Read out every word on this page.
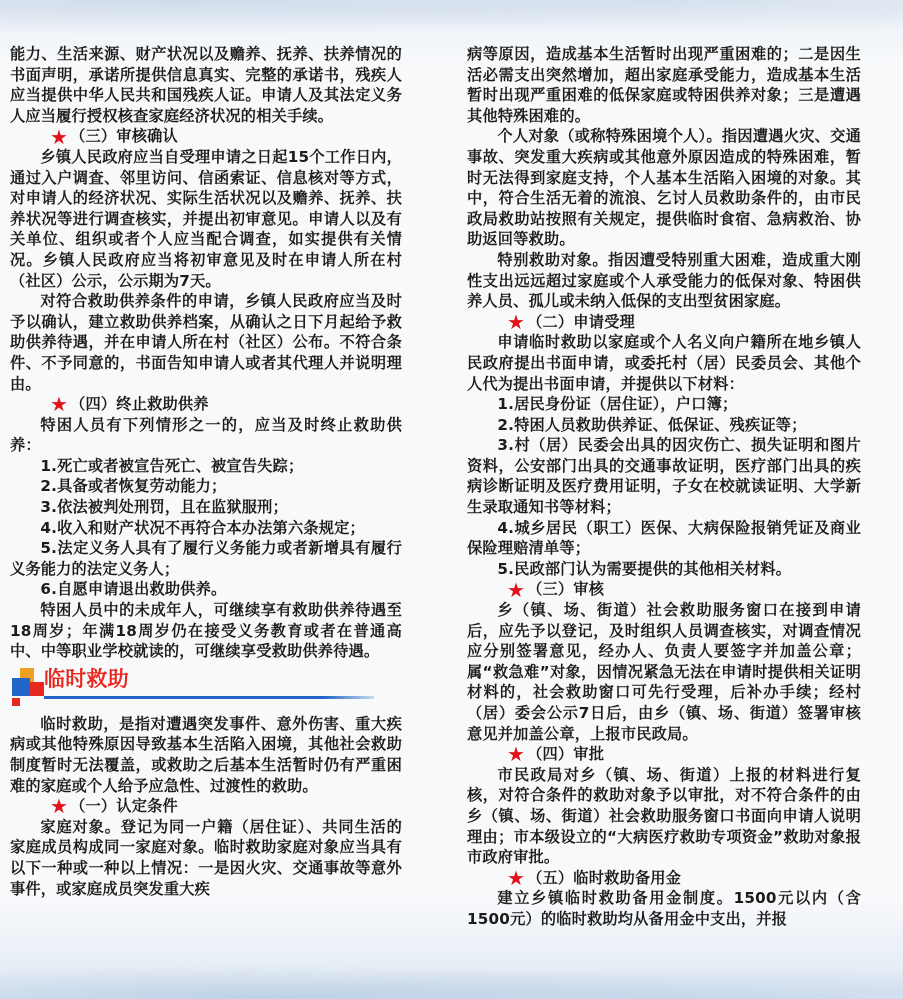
能力、生活来源、财产状况以及赡养、抚养、扶养情况的书面声明，承诺所提供信息真实、完整的承诺书，残疾人应当提供中华人民共和国残疾人证。申请人及其法定义务人应当履行授权核查家庭经济状况的相关手续。

★ （三）审核确认

乡镇人民政府应当自受理申请之日起15个工作日内，通过入户调查、邻里访问、信函索证、信息核对等方式，对申请人的经济状况、实际生活状况以及赡养、抚养、扶养状况等进行调查核实，并提出初审意见。申请人以及有关单位、组织或者个人应当配合调查，如实提供有关情况。乡镇人民政府应当将初审意见及时在申请人所在村（社区）公示，公示期为7天。

对符合救助供养条件的申请，乡镇人民政府应当及时予以确认，建立救助供养档案，从确认之日下月起给予救助供养待遇，并在申请人所在村（社区）公布。不符合条件、不予同意的，书面告知申请人或者其代理人并说明理由。

★ （四）终止救助供养

特困人员有下列情形之一的，应当及时终止救助供养：

1.死亡或者被宣告死亡、被宣告失踪；

2.具备或者恢复劳动能力；

3.依法被判处刑罚，且在监狱服刑；

4.收入和财产状况不再符合本办法第六条规定；

5.法定义务人具有了履行义务能力或者新增具有履行义务能力的法定义务人；

6.自愿申请退出救助供养。

特困人员中的未成年人，可继续享有救助供养待遇至18周岁；年满18周岁仍在接受义务教育或者在普通高中、中等职业学校就读的，可继续享受救助供养待遇。

临时救助

临时救助，是指对遭遇突发事件、意外伤害、重大疾病或其他特殊原因导致基本生活陷入困境，其他社会救助制度暂时无法覆盖，或救助之后基本生活暂时仍有严重困难的家庭或个人给予应急性、过渡性的救助。

★ （一）认定条件

家庭对象。登记为同一户籍（居住证）、共同生活的家庭成员构成同一家庭对象。临时救助家庭对象应当具有以下一种或一种以上情况：一是因火灾、交通事故等意外事件，或家庭成员突发重大疾

病等原因，造成基本生活暂时出现严重困难的；二是因生活必需支出突然增加，超出家庭承受能力，造成基本生活暂时出现严重困难的低保家庭或特困供养对象；三是遭遇其他特殊困难的。

个人对象（或称特殊困境个人）。指因遭遇火灾、交通事故、突发重大疾病或其他意外原因造成的特殊困难，暂时无法得到家庭支持，个人基本生活陷入困境的对象。其中，符合生活无着的流浪、乞讨人员救助条件的，由市民政局救助站按照有关规定，提供临时食宿、急病救治、协助返回等救助。

特别救助对象。指因遭受特别重大困难，造成重大刚性支出远远超过家庭或个人承受能力的低保对象、特困供养人员、孤儿或未纳入低保的支出型贫困家庭。

★ （二）申请受理

申请临时救助以家庭或个人名义向户籍所在地乡镇人民政府提出书面申请，或委托村（居）民委员会、其他个人代为提出书面申请，并提供以下材料：

1.居民身份证（居住证），户口簿；

2.特困人员救助供养证、低保证、残疾证等；

3.村（居）民委会出具的因灾伤亡、损失证明和图片资料，公安部门出具的交通事故证明，医疗部门出具的疾病诊断证明及医疗费用证明，子女在校就读证明、大学新生录取通知书等材料；

4.城乡居民（职工）医保、大病保险报销凭证及商业保险理赔清单等；

5.民政部门认为需要提供的其他相关材料。

★ （三）审核

乡（镇、场、街道）社会救助服务窗口在接到申请后，应先予以登记，及时组织人员调查核实，对调查情况应分别签署意见，经办人、负责人要签字并加盖公章；属“救急难”对象，因情况紧急无法在申请时提供相关证明材料的，社会救助窗口可先行受理，后补办手续；经村（居）委会公示7日后，由乡（镇、场、街道）签署审核意见并加盖公章，上报市民政局。

★ （四）审批

市民政局对乡（镇、场、街道）上报的材料进行复核，对符合条件的救助对象予以审批，对不符合条件的由乡（镇、场、街道）社会救助服务窗口书面向申请人说明理由；市本级设立的“大病医疗救助专项资金”救助对象报市政府审批。

★ （五）临时救助备用金

建立乡镇临时救助备用金制度。1500元以内（含1500元）的临时救助均从备用金中支出，并报
